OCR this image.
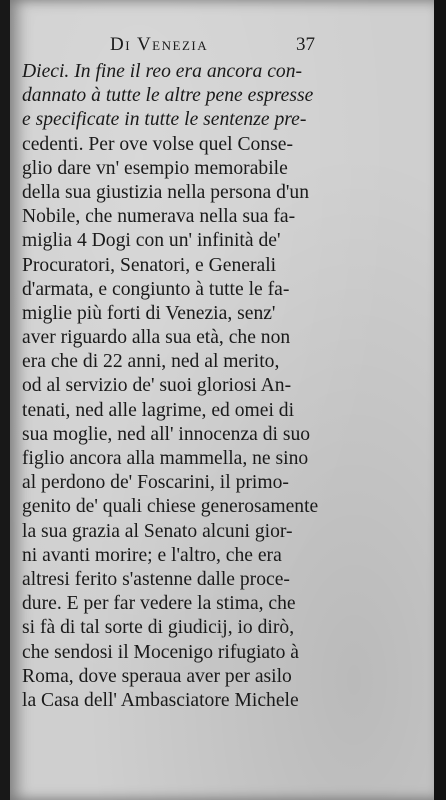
Di Venezia	37
Dieci. In fine il reo era ancora con-
dannato à tutte le altre pene espresse
e specificate in tutte le sentenze pre-
cedenti. Per ove volse quel Conse-
glio dare vn' esempio memorabile
della sua giustizia nella persona d'un
Nobile, che numerava nella sua fa-
miglia 4 Dogi con un' infinità de'
Procuratori, Senatori, e Generali
d'armata, e congiunto à tutte le fa-
miglie più forti di Venezia, senz'
aver riguardo alla sua età, che non
era che di 22 anni, ned al merito,
od al servizio de' suoi gloriosi An-
tenati, ned alle lagrime, ed omei di
sua moglie, ned all' innocenza di suo
figlio ancora alla mammella, ne sino
al perdono de' Foscarini, il primo-
genito de' quali chiese generosamente
la sua grazia al Senato alcuni gior-
ni avanti morire; e l'altro, che era
altresi ferito s'astenne dalle proce-
dure. E per far vedere la stima, che
si fà di tal sorte di giudicij, io dirò,
che sendosi il Mocenigo rifugiato à
Roma, dove speraua aver per asilo
la Casa dell' Ambasciatore Michele
